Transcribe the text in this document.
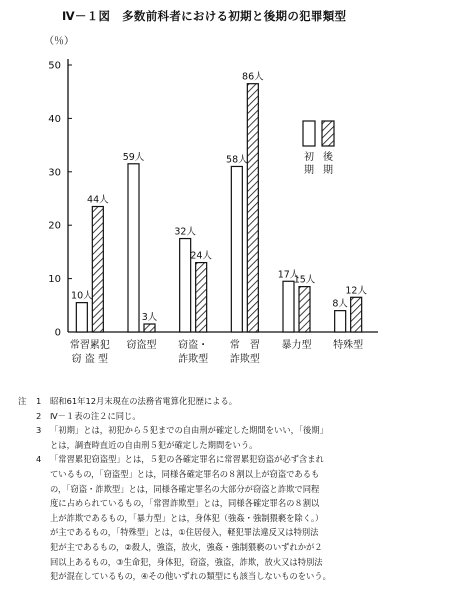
Ⅳ－１図　多数前科者における初期と後期の犯罪類型
（％）
0
10
20
30
40
50
常習累犯
窃 盗 型
窃盗型 窃盗・
詐欺型
常　習
詐欺型
暴力型 特殊型
10人
44人
59人
3人
32人
24人
58人
86人
17人
15人
8人
12人
初
期
後
期
注	1	昭和61年12月末現在の法務省電算化犯歴による。
2	Ⅳ－１表の注２に同じ。
3	「初期」とは，初犯から５犯までの自由刑が確定した期間をいい，「後期」
とは，調査時直近の自由刑５犯が確定した期間をいう。
4	「常習累犯窃盗型」とは，５犯の各確定罪名に常習累犯窃盗が必ず含まれ
ているもの，「窃盗型」とは，同様各確定罪名の８割以上が窃盗であるも
の，「窃盗・詐欺型」とは，同様各確定罪名の大部分が窃盗と詐欺で同程
度に占められているもの，「常習詐欺型」とは，同様各確定罪名の８割以
上が詐欺であるもの，「暴力型」とは，身体犯（強姦・強制猥褻を除く。）
が主であるもの，「特殊型」とは，①住居侵入，軽犯罪法違反又は特別法
犯が主であるもの，②殺人，強盗，放火，強姦・強制猥褻のいずれかが２
回以上あるもの，③生命犯，身体犯，窃盗，強盗，詐欺，放火又は特別法
犯が混在しているもの，④その他いずれの類型にも該当しないものをいう。
